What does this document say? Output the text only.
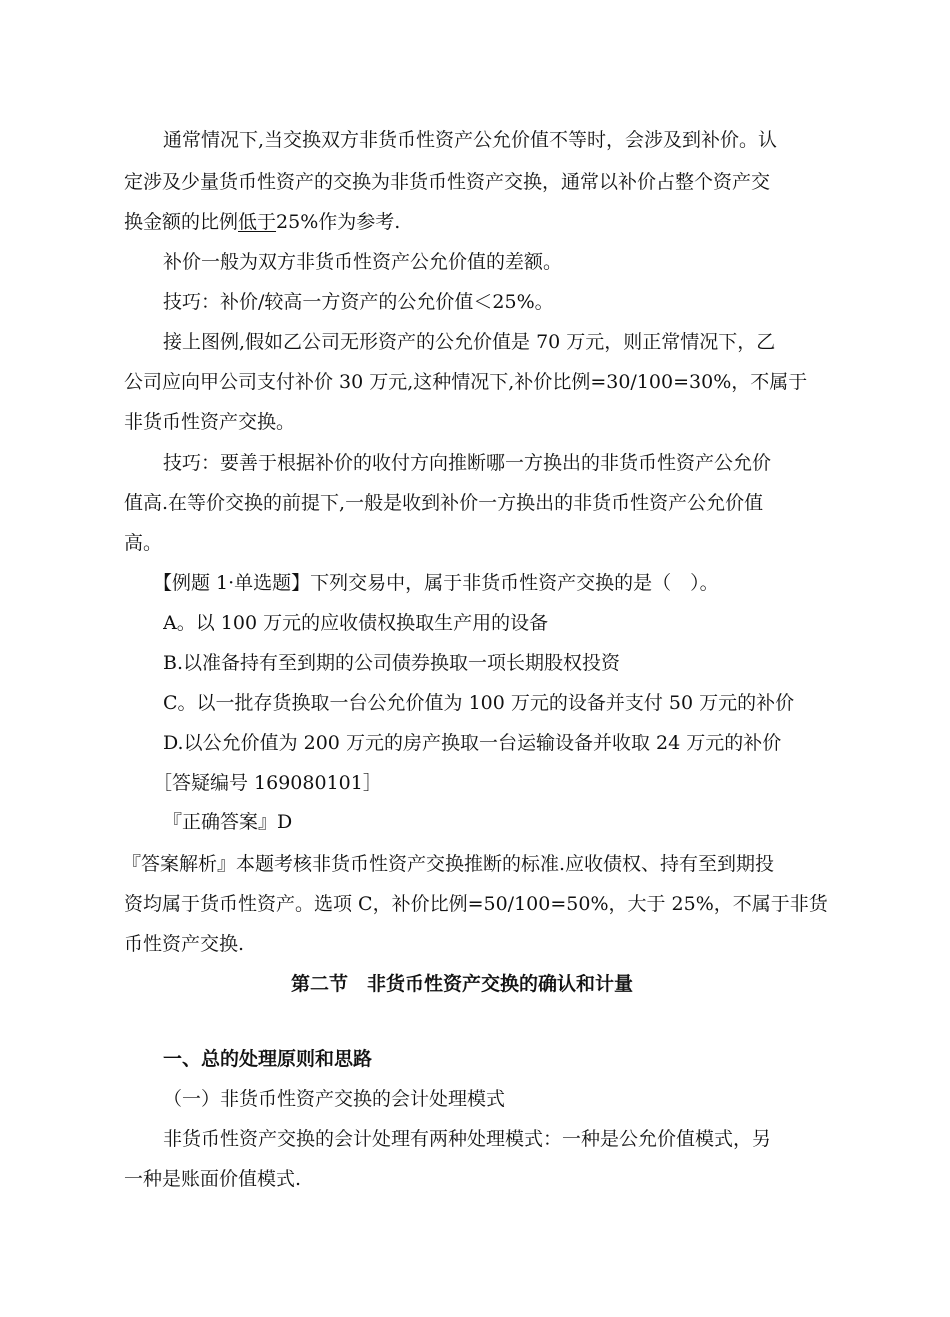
通常情况下,当交换双方非货币性资产公允价值不等时，会涉及到补价。认
定涉及少量货币性资产的交换为非货币性资产交换，通常以补价占整个资产交
换金额的比例低于25%作为参考.
补价一般为双方非货币性资产公允价值的差额。
技巧：补价/较高一方资产的公允价值＜25%。
接上图例,假如乙公司无形资产的公允价值是 70 万元，则正常情况下，乙
公司应向甲公司支付补价 30 万元,这种情况下,补价比例=30/100=30%，不属于
非货币性资产交换。
技巧：要善于根据补价的收付方向推断哪一方换出的非货币性资产公允价
值高.在等价交换的前提下,一般是收到补价一方换出的非货币性资产公允价值
高。
【例题 1·单选题】下列交易中，属于非货币性资产交换的是（　）。
A。以 100 万元的应收债权换取生产用的设备
B.以准备持有至到期的公司债券换取一项长期股权投资
C。以一批存货换取一台公允价值为 100 万元的设备并支付 50 万元的补价
D.以公允价值为 200 万元的房产换取一台运输设备并收取 24 万元的补价
［答疑编号 169080101］
『正确答案』D
『答案解析』本题考核非货币性资产交换推断的标准.应收债权、持有至到期投
资均属于货币性资产。选项 C，补价比例=50/100=50%，大于 25%，不属于非货
币性资产交换.
第二节　非货币性资产交换的确认和计量
一、总的处理原则和思路
（一）非货币性资产交换的会计处理模式
非货币性资产交换的会计处理有两种处理模式：一种是公允价值模式，另
一种是账面价值模式.
